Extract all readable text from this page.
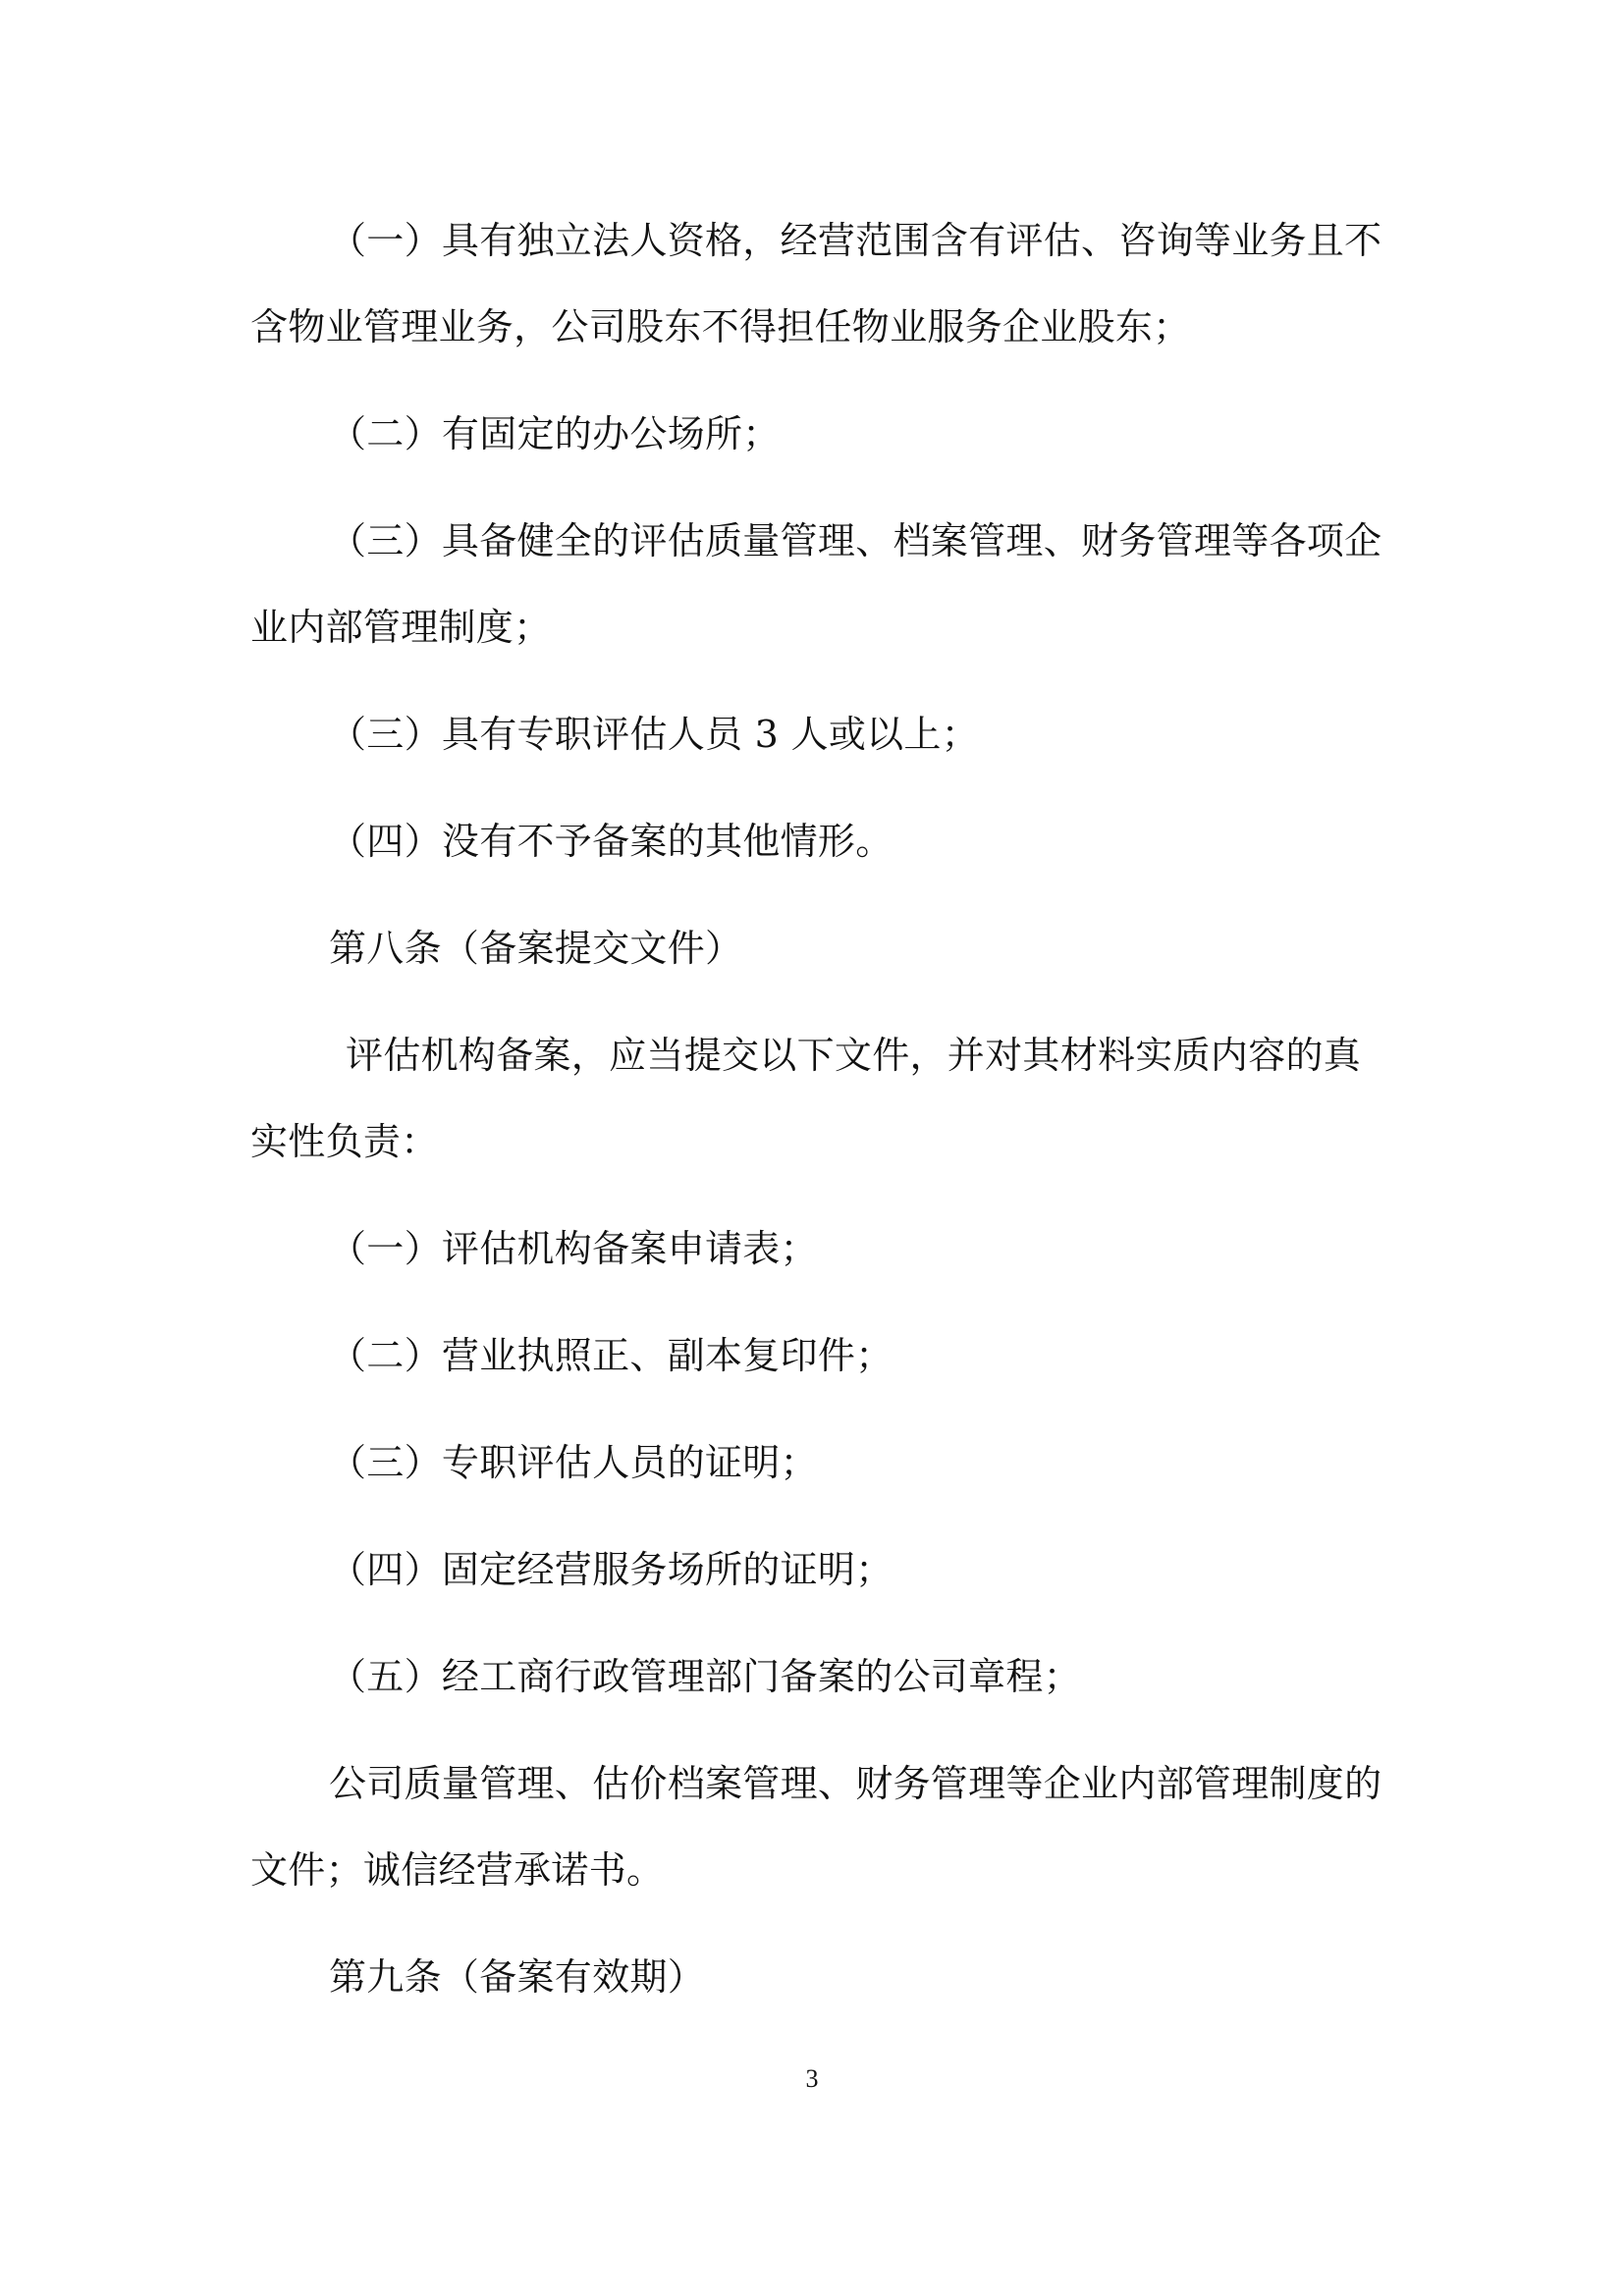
（一）具有独立法人资格，经营范围含有评估、咨询等业务且不
含物业管理业务，公司股东不得担任物业服务企业股东；
（二）有固定的办公场所；
（三）具备健全的评估质量管理、档案管理、财务管理等各项企
业内部管理制度；
（三）具有专职评估人员 3 人或以上；
（四）没有不予备案的其他情形。
第八条（备案提交文件）
评估机构备案，应当提交以下文件，并对其材料实质内容的真
实性负责：
（一）评估机构备案申请表；
（二）营业执照正、副本复印件；
（三）专职评估人员的证明；
（四）固定经营服务场所的证明；
（五）经工商行政管理部门备案的公司章程；
公司质量管理、估价档案管理、财务管理等企业内部管理制度的
文件；诚信经营承诺书。
第九条（备案有效期）
3
